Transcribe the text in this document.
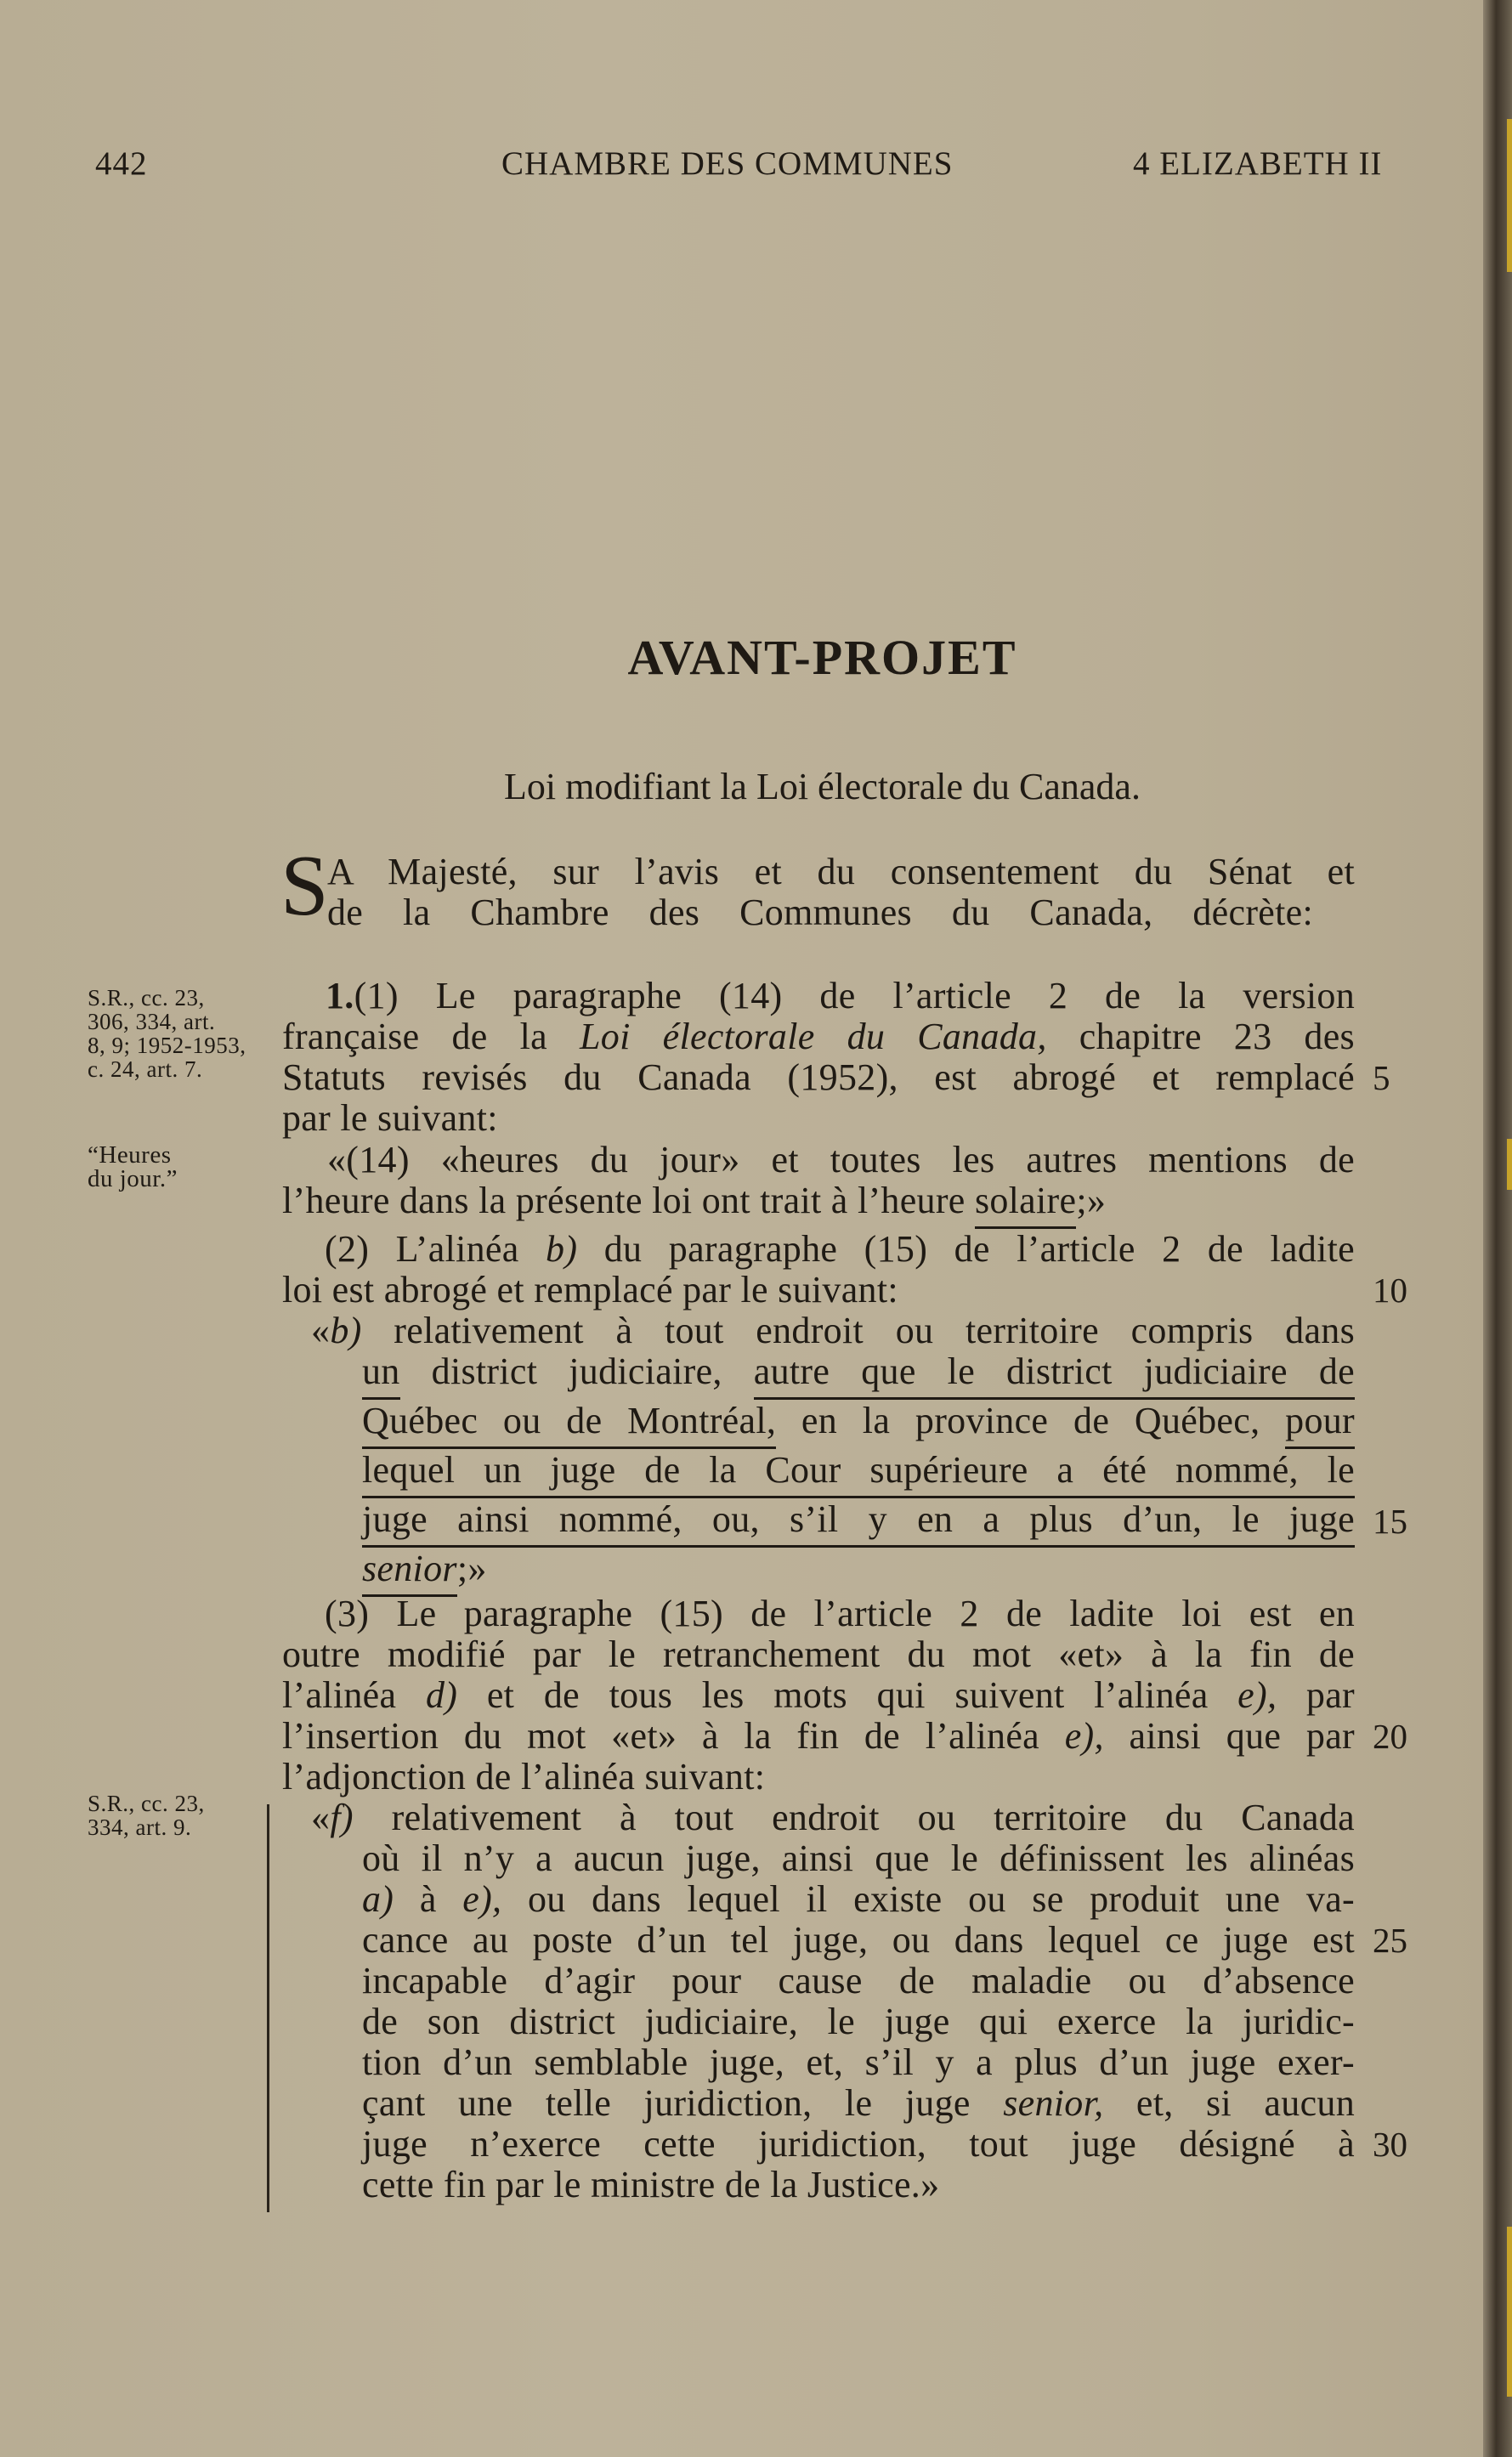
442	CHAMBRE DES COMMUNES	4 ELIZABETH II
AVANT-PROJET
Loi modifiant la Loi électorale du Canada.
S
A Majesté, sur l’avis et du consentement du Sénat et
de la Chambre des Communes du Canada, décrète:
1.(1) Le paragraphe (14) de l’article 2 de la version
française de la Loi électorale du Canada, chapitre 23 des
Statuts revisés du Canada (1952), est abrogé et remplacé
par le suivant:
«(14) «heures du jour» et toutes les autres mentions de
l’heure dans la présente loi ont trait à l’heure solaire;»
(2) L’alinéa b) du paragraphe (15) de l’article 2 de ladite
loi est abrogé et remplacé par le suivant:
«b) relativement à tout endroit ou territoire compris dans
un district judiciaire, autre que le district judiciaire de
Québec ou de Montréal, en la province de Québec, pour
lequel un juge de la Cour supérieure a été nommé, le
juge ainsi nommé, ou, s’il y en a plus d’un, le juge
senior;»
(3) Le paragraphe (15) de l’article 2 de ladite loi est en
outre modifié par le retranchement du mot «et» à la fin de
l’alinéa d) et de tous les mots qui suivent l’alinéa e), par
l’insertion du mot «et» à la fin de l’alinéa e), ainsi que par
l’adjonction de l’alinéa suivant:
«f) relativement à tout endroit ou territoire du Canada
où il n’y a aucun juge, ainsi que le définissent les alinéas
a) à e), ou dans lequel il existe ou se produit une va-
cance au poste d’un tel juge, ou dans lequel ce juge est
incapable d’agir pour cause de maladie ou d’absence
de son district judiciaire, le juge qui exerce la juridic-
tion d’un semblable juge, et, s’il y a plus d’un juge exer-
çant une telle juridiction, le juge senior, et, si aucun
juge n’exerce cette juridiction, tout juge désigné à
cette fin par le ministre de la Justice.»
5
10
15
20
25
30
S.R., cc. 23,
306, 334, art.
8, 9; 1952-1953,
c. 24, art. 7.
“Heures
du jour.”
S.R., cc. 23,
334, art. 9.
